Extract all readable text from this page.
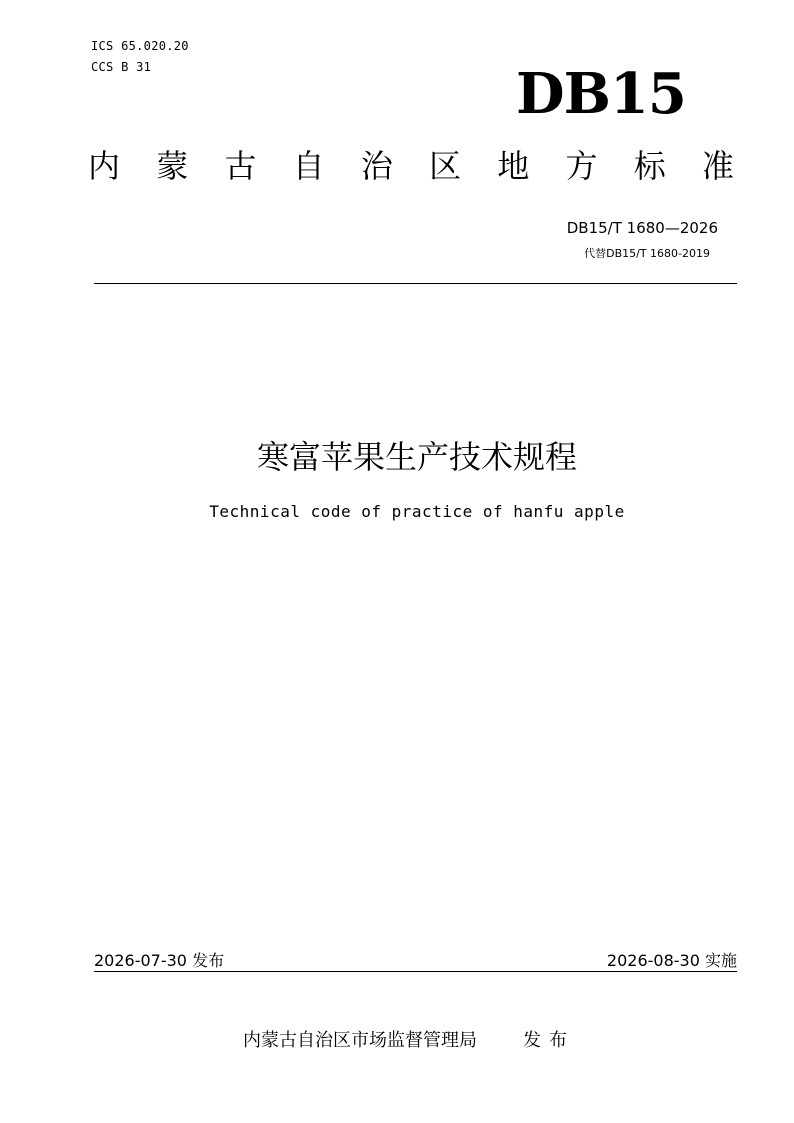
ICS 65.020.20
CCS B 31	DB15
内 蒙 古 自 治 区 地 方 标 准
DB15/T 1680—2026
代替DB15/T 1680-2019
寒富苹果生产技术规程
Technical code of practice of hanfu apple
2026-07-30 发布	2026-08-30 实施
内蒙古自治区市场监督管理局	发布
